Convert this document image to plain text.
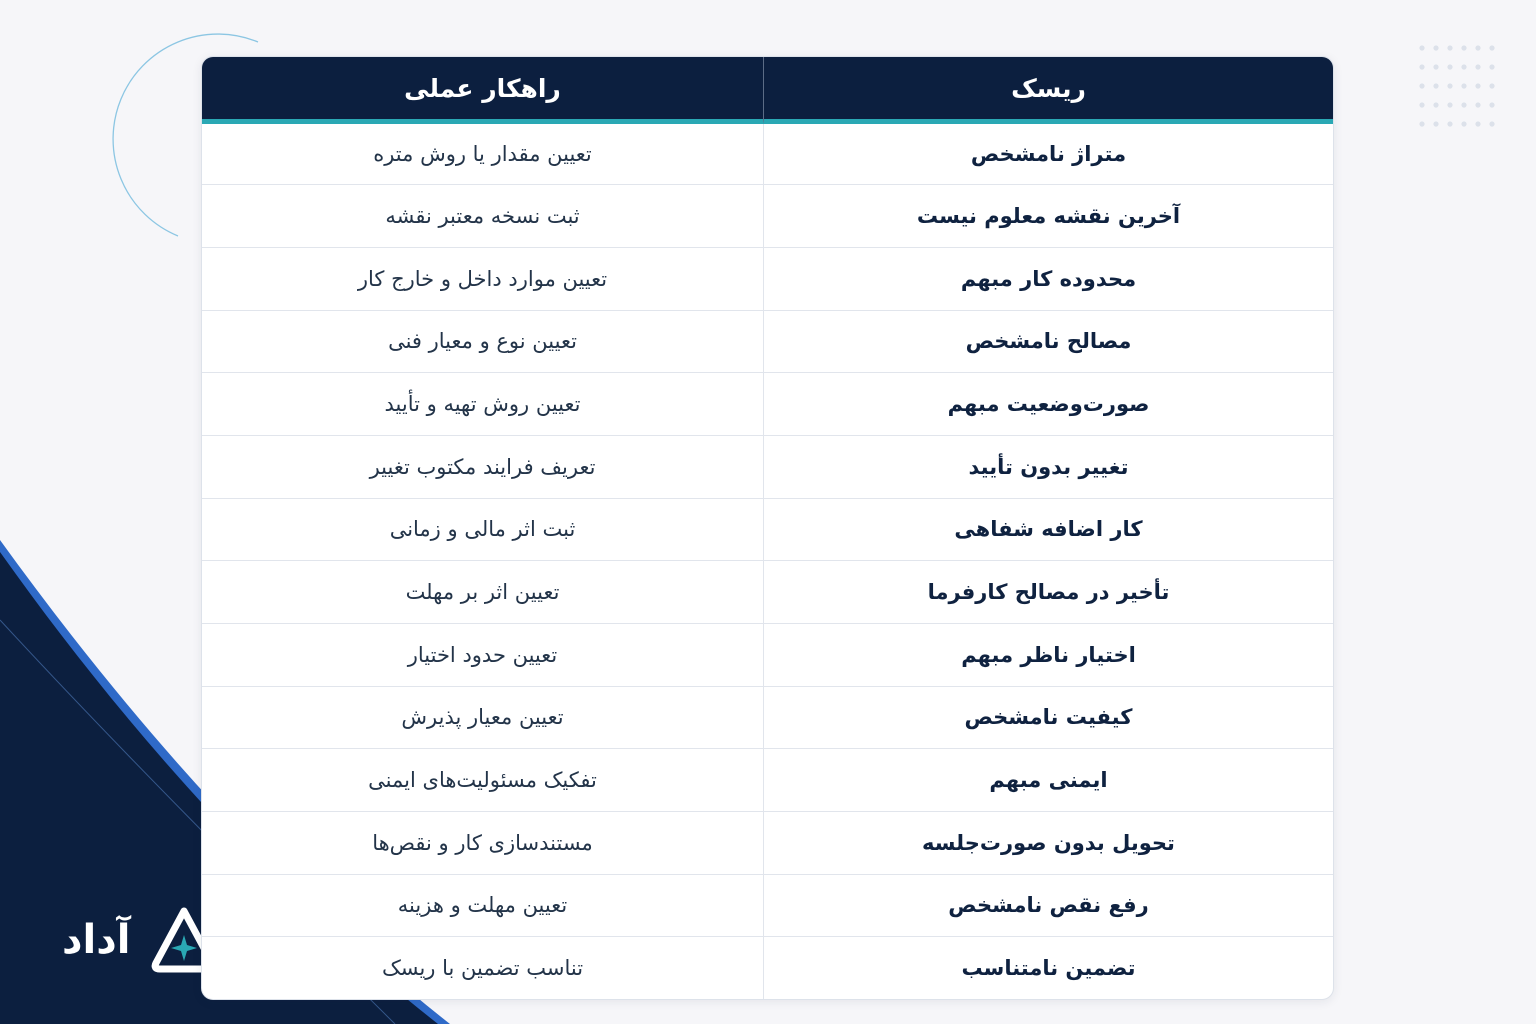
آداد
ریسک	راهکار عملی
متراژ نامشخص	تعیین مقدار یا روش متره
آخرین نقشه معلوم نیست	ثبت نسخه معتبر نقشه
محدوده کار مبهم	تعیین موارد داخل و خارج کار
مصالح نامشخص	تعیین نوع و معیار فنی
صورت‌وضعیت مبهم	تعیین روش تهیه و تأیید
تغییر بدون تأیید	تعریف فرایند مکتوب تغییر
کار اضافه شفاهی	ثبت اثر مالی و زمانی
تأخیر در مصالح کارفرما	تعیین اثر بر مهلت
اختیار ناظر مبهم	تعیین حدود اختیار
کیفیت نامشخص	تعیین معیار پذیرش
ایمنی مبهم	تفکیک مسئولیت‌های ایمنی
تحویل بدون صورت‌جلسه	مستندسازی کار و نقص‌ها
رفع نقص نامشخص	تعیین مهلت و هزینه
تضمین نامتناسب	تناسب تضمین با ریسک
